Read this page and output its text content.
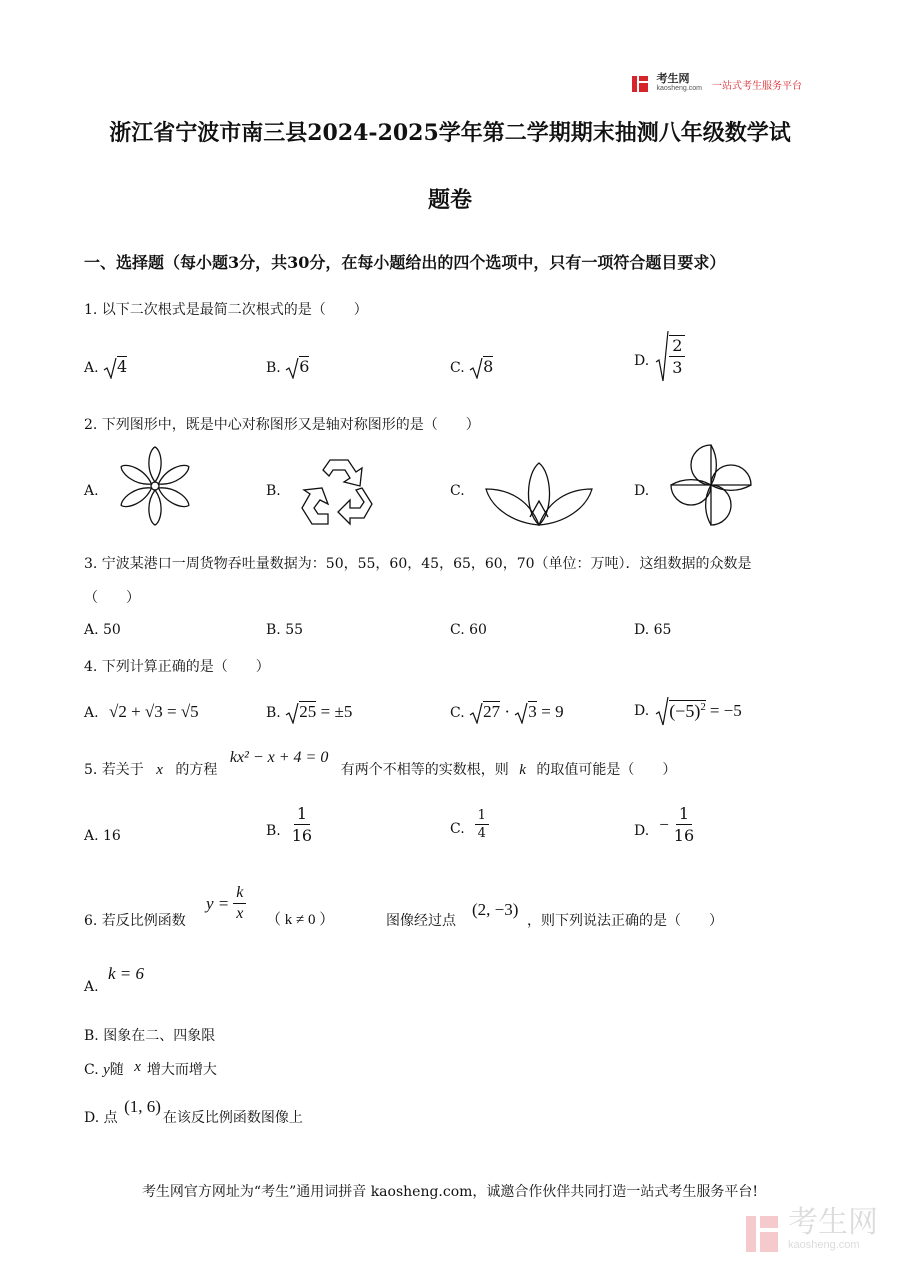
考生网
kaosheng.com 一站式考生服务平台
浙江省宁波市南三县2024-2025学年第二学期期末抽测八年级数学试
题卷
一、选择题（每小题3分，共30分，在每小题给出的四个选项中，只有一项符合题目要求）
1. 以下二次根式是最简二次根式的是（　　）
A. 4	B. 6	C. 8	D. $\frac{2}{3}$
2. 下列图形中，既是中心对称图形又是轴对称图形的是（　　）
A.	B.	C.	D.
3. 宁波某港口一周货物吞吐量数据为：50，55，60，45，65，60，70（单位：万吨）．这组数据的众数是
（　　）
A. 50	B. 55	C. 60	D. 65
4. 下列计算正确的是（　　）
A. √2 + √3 = √5	B. 25 = ±5	C. 27 · 3 = 9	D. $(-5)^2 = -5$
5. 若关于 x 的方程 kx² − x + 4 = 0 有两个不相等的实数根，则 k 的取值可能是（　　）
A. 16	B. $\frac{1}{16}$	C. $\frac{1}{4}$	D. − $\frac{1}{16}$
6. 若反比例函数
$y = \frac{k}{x}$ （ k ≠ 0 ）	图像经过点
(2, −3)
，则下列说法正确的是（　　）
A.
k = 6
B. 图象在二、四象限
C. y随 x 增大而增大
D. 点 (1, 6)在该反比例函数图像上
考生网官方网址为“考生”通用词拼音 kaosheng.com，诚邀合作伙伴共同打造一站式考生服务平台!
考生网
kaosheng.com
